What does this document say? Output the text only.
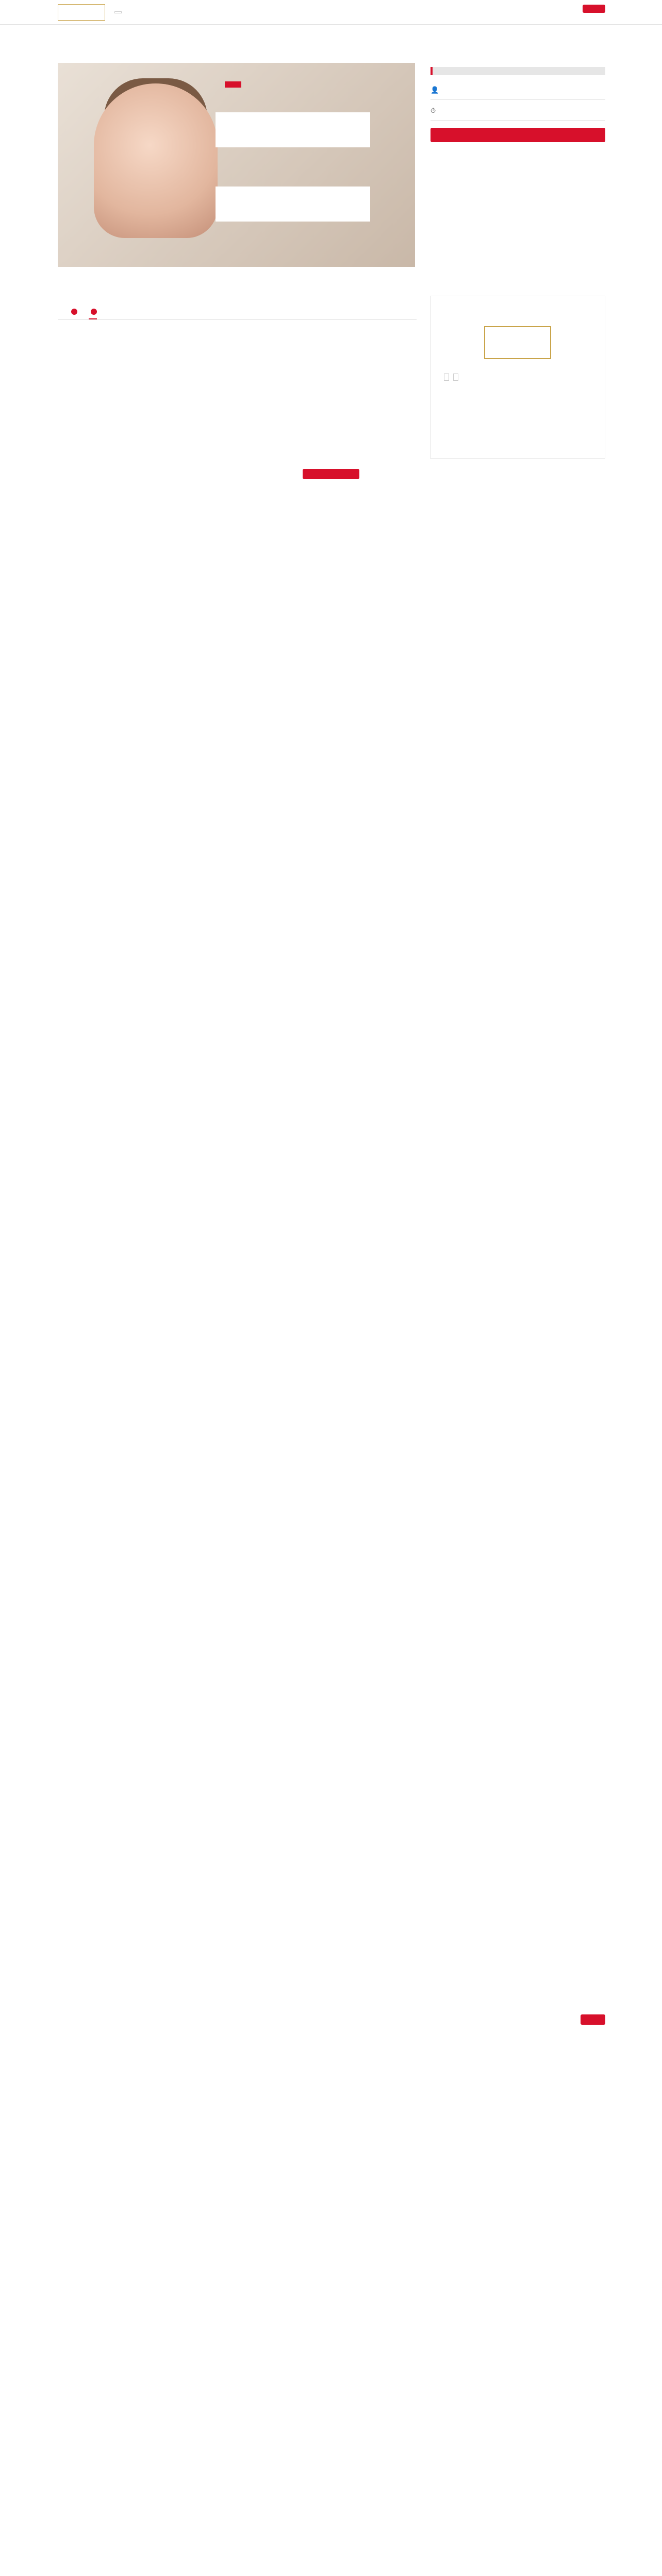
👤
⏱
